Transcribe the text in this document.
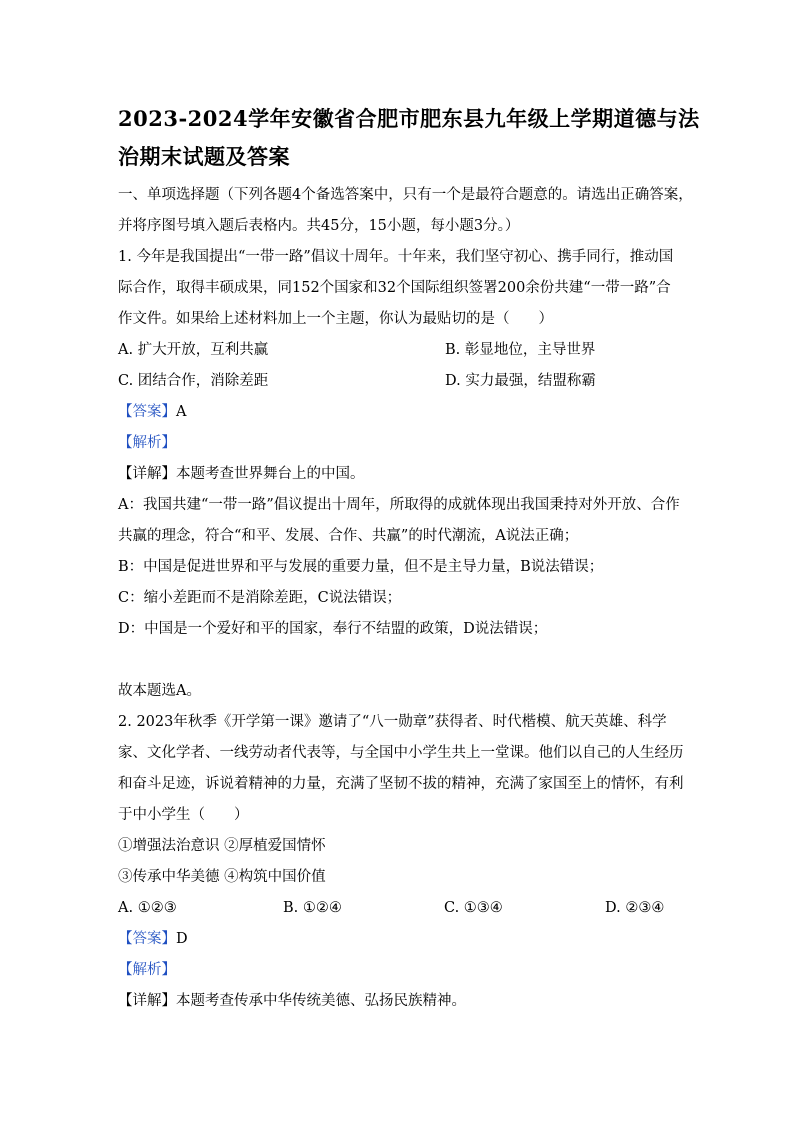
2023-2024学年安徽省合肥市肥东县九年级上学期道德与法
治期末试题及答案
一、单项选择题（下列各题4个备选答案中，只有一个是最符合题意的。请选出正确答案，
并将序图号填入题后表格内。共45分，15小题，每小题3分。）
1. 今年是我国提出“一带一路”倡议十周年。十年来，我们坚守初心、携手同行，推动国
际合作，取得丰硕成果，同152个国家和32个国际组织签署200余份共建“一带一路”合
作文件。如果给上述材料加上一个主题，你认为最贴切的是（　　）
A. 扩大开放，互利共赢	B. 彰显地位，主导世界
C. 团结合作，消除差距	D. 实力最强，结盟称霸
【答案】A
【解析】
【详解】本题考查世界舞台上的中国。
A：我国共建“一带一路”倡议提出十周年，所取得的成就体现出我国秉持对外开放、合作
共赢的理念，符合“和平、发展、合作、共赢”的时代潮流，A说法正确；
B：中国是促进世界和平与发展的重要力量，但不是主导力量，B说法错误；
C：缩小差距而不是消除差距，C说法错误；
D：中国是一个爱好和平的国家，奉行不结盟的政策，D说法错误；
故本题选A。
2. 2023年秋季《开学第一课》邀请了“八一勋章”获得者、时代楷模、航天英雄、科学
家、文化学者、一线劳动者代表等，与全国中小学生共上一堂课。他们以自己的人生经历
和奋斗足迹，诉说着精神的力量，充满了坚韧不拔的精神，充满了家国至上的情怀，有利
于中小学生（　　）
①增强法治意识 ②厚植爱国情怀
③传承中华美德 ④构筑中国价值
A. ①②③	B. ①②④	C. ①③④	D. ②③④
【答案】D
【解析】
【详解】本题考查传承中华传统美德、弘扬民族精神。
